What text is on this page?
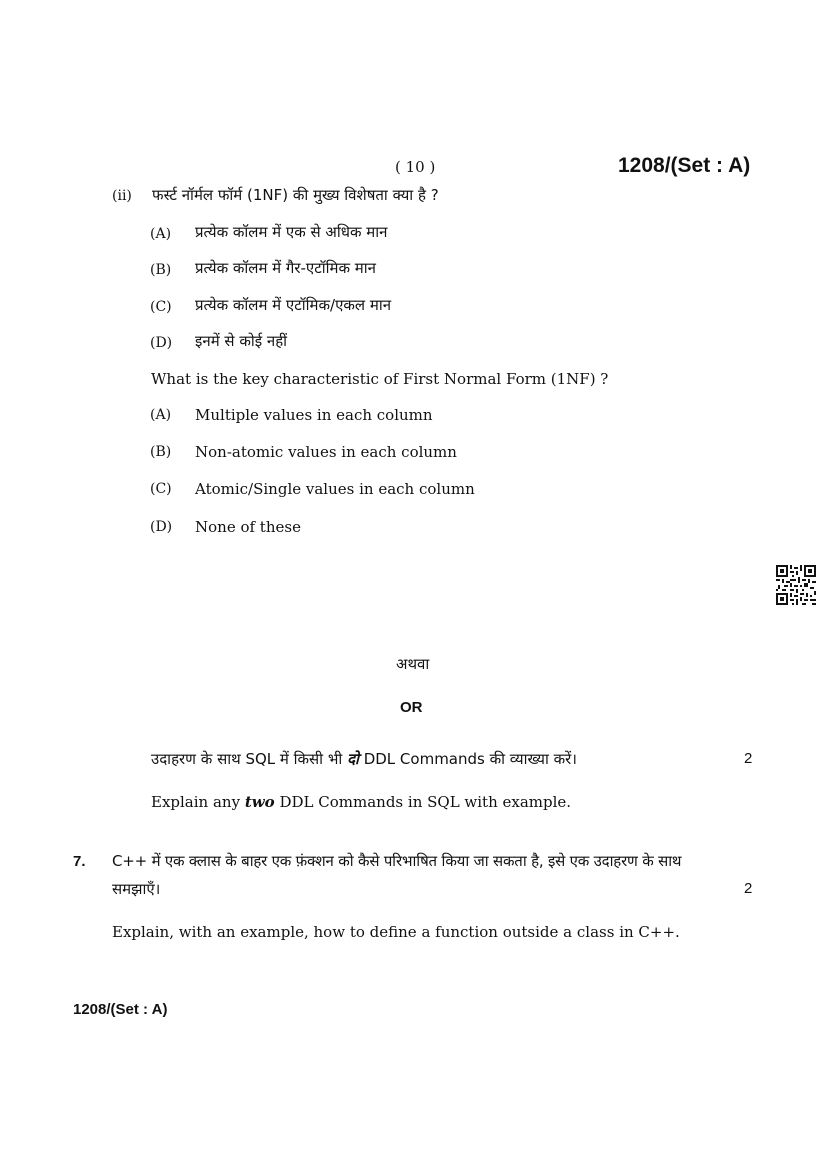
( 10 )	1208/(Set : A)
(ii) फर्स्ट नॉर्मल फॉर्म (1NF) की मुख्य विशेषता क्या है ?
(A) प्रत्येक कॉलम में एक से अधिक मान
(B) प्रत्येक कॉलम में गैर-एटॉमिक मान
(C) प्रत्येक कॉलम में एटॉमिक/एकल मान
(D) इनमें से कोई नहीं
What is the key characteristic of First Normal Form (1NF) ?
(A) Multiple values in each column
(B) Non-atomic values in each column
(C) Atomic/Single values in each column
(D) None of these
अथवा
OR
उदाहरण के साथ SQL में किसी भी दो DDL Commands की व्याख्या करें।	2
Explain any two DDL Commands in SQL with example.
7. C++ में एक क्लास के बाहर एक फ़ंक्शन को कैसे परिभाषित किया जा सकता है, इसे एक उदाहरण के साथ
समझाएँ।	2
Explain, with an example, how to define a function outside a class in C++.
1208/(Set : A)
